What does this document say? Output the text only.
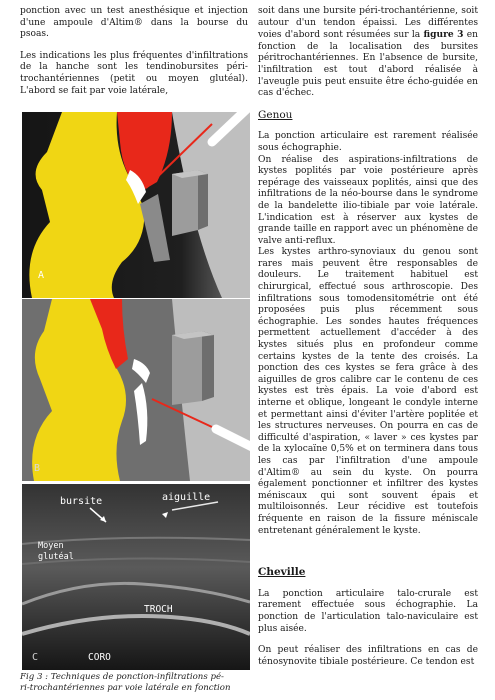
ponction avec un test anesthésique et injection d'une ampoule d'Altim® dans la bourse du psoas.

Les indications les plus fréquentes d'infiltrations de la hanche sont les tendinobursites péri-trochantériennes (petit ou moyen glutéal). L'abord se fait par voie latérale,

A
B
bursite	aiguille
Moyen
glutéal
TROCH
CORO
C
Fig 3 : Techniques de ponction-infiltrations pé-
ri-trochantériennes par voie latérale en fonction

soit dans une bursite péri-trochantérienne, soit autour d'un tendon épaissi. Les différentes voies d'abord sont résumées sur la figure 3 en fonction de la localisation des bursites péritrochantériennes. En l'absence de bursite, l'infiltration est tout d'abord réalisée à l'aveugle puis peut ensuite être écho-guidée en cas d'échec.

Genou

La ponction articulaire est rarement réalisée sous échographie.

On réalise des aspirations-infiltrations de kystes poplités par voie postérieure après repérage des vaisseaux poplités, ainsi que des infiltrations de la néo-bourse dans le syndrome de la bandelette ilio-tibiale par voie latérale. L'indication est à réserver aux kystes de grande taille en rapport avec un phénomène de valve anti-reflux.

Les kystes arthro-synoviaux du genou sont rares mais peuvent être responsables de douleurs. Le traitement habituel est chirurgical, effectué sous arthroscopie. Des infiltrations sous tomodensitométrie ont été proposées puis plus récemment sous échographie. Les sondes hautes fréquences permettent actuellement d'accéder à des kystes situés plus en profondeur comme certains kystes de la tente des croisés. La ponction des ces kystes se fera grâce à des aiguilles de gros calibre car le contenu de ces kystes est très épais. La voie d'abord est interne et oblique, longeant le condyle interne et permettant ainsi d'éviter l'artère poplitée et les structures nerveuses. On pourra en cas de difficulté d'aspiration, « laver » ces kystes par de la xylocaïne 0,5% et on terminera dans tous les cas par l'infiltration d'une ampoule d'Altim® au sein du kyste. On pourra également ponctionner et infiltrer des kystes méniscaux qui sont souvent épais et multiloisonnés. Leur récidive est toutefois fréquente en raison de la fissure méniscale entretenant généralement le kyste.

Cheville

La ponction articulaire talo-crurale est rarement effectuée sous échographie. La ponction de l'articulation talo-naviculaire est plus aisée.

On peut réaliser des infiltrations en cas de ténosynovite tibiale postérieure. Ce tendon est
